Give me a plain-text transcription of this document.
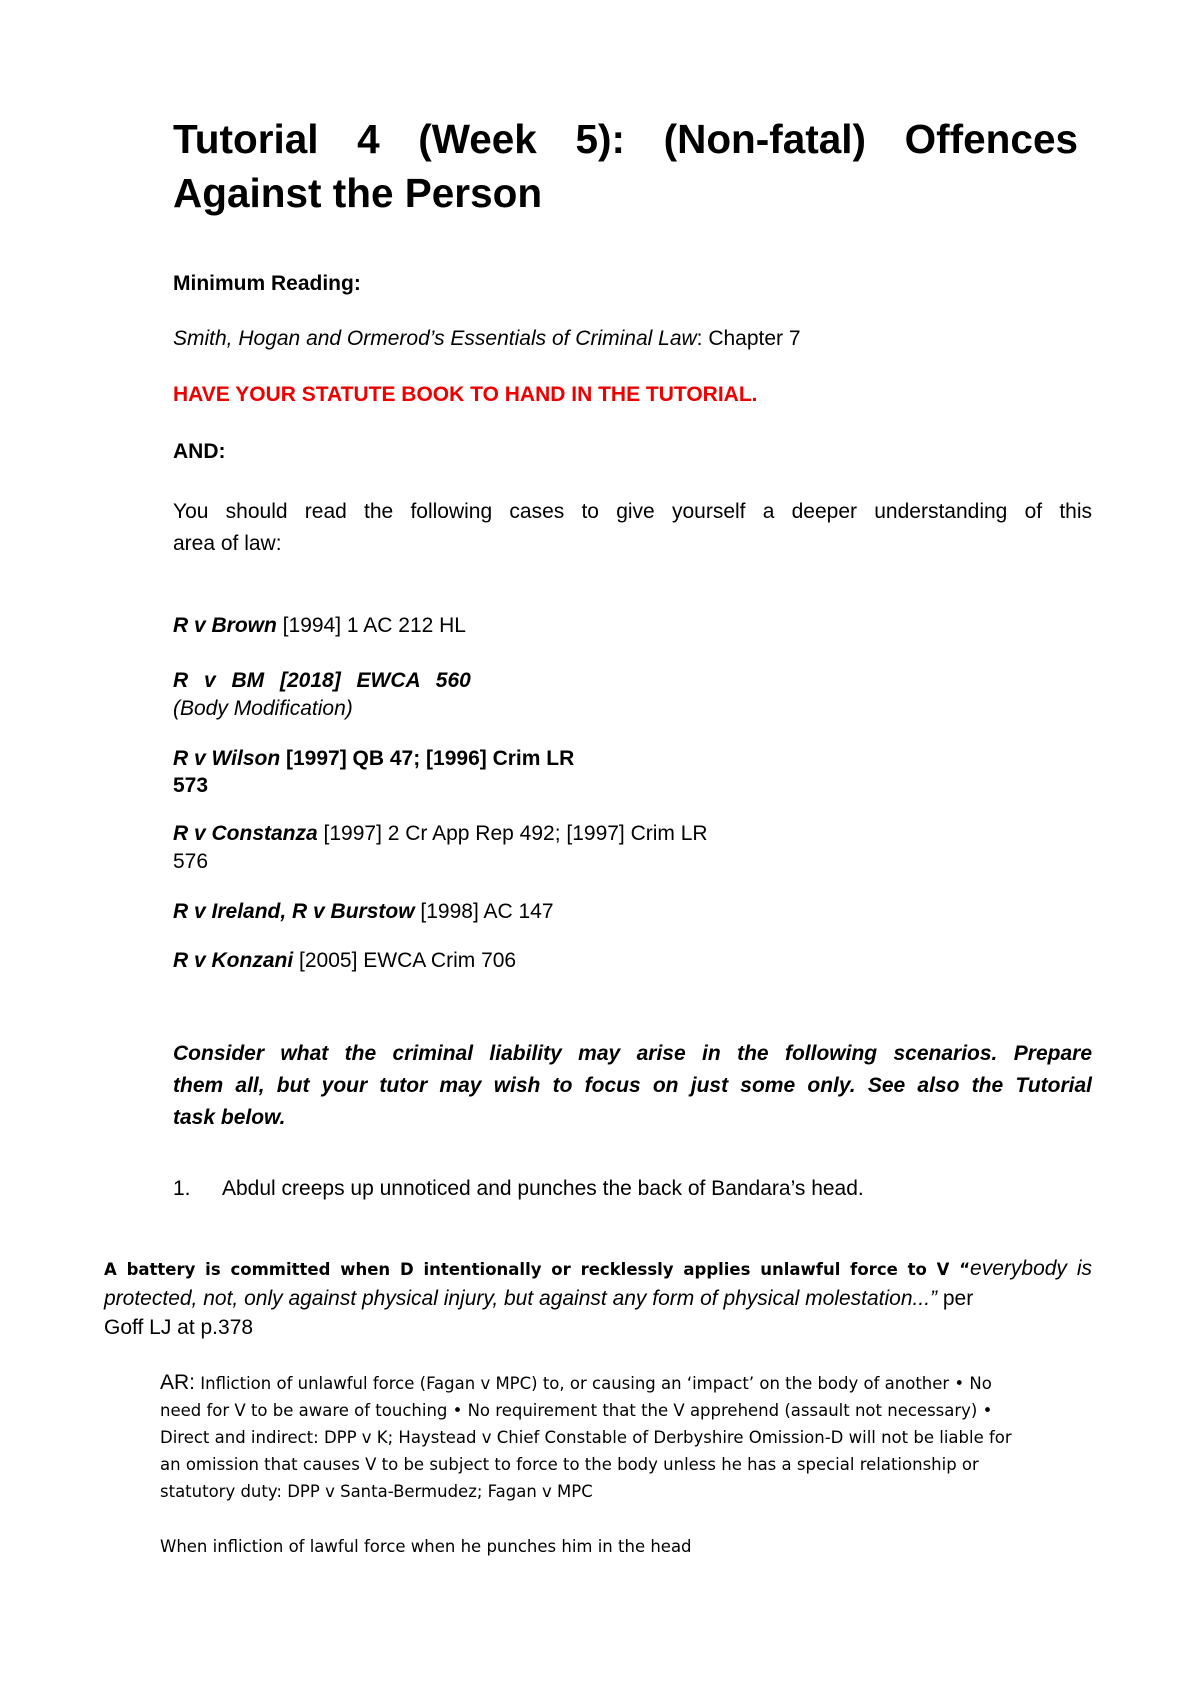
Tutorial 4 (Week 5): (Non-fatal) Offences
Against the Person
Minimum Reading:
Smith, Hogan and Ormerod’s Essentials of Criminal Law: Chapter 7
HAVE YOUR STATUTE BOOK TO HAND IN THE TUTORIAL.
AND:
You should read the following cases to give yourself a deeper understanding of this
area of law:
R v Brown [1994] 1 AC 212 HL
R v BM [2018] EWCA 560
(Body Modification)
R v Wilson [1997] QB 47; [1996] Crim LR
573
R v Constanza [1997] 2 Cr App Rep 492; [1997] Crim LR
576
R v Ireland, R v Burstow [1998] AC 147
R v Konzani [2005] EWCA Crim 706
Consider what the criminal liability may arise in the following scenarios. Prepare
them all, but your tutor may wish to focus on just some only. See also the Tutorial
task below.
1. Abdul creeps up unnoticed and punches the back of Bandara’s head.
A battery is committed when D intentionally or recklessly applies unlawful force to V “everybody is
protected, not, only against physical injury, but against any form of physical molestation...” per
Goff LJ at p.378
AR: Infliction of unlawful force (Fagan v MPC) to, or causing an ‘impact’ on the body of another • No
need for V to be aware of touching • No requirement that the V apprehend (assault not necessary) •
Direct and indirect: DPP v K; Haystead v Chief Constable of Derbyshire Omission-D will not be liable for
an omission that causes V to be subject to force to the body unless he has a special relationship or
statutory duty: DPP v Santa-Bermudez; Fagan v MPC
When infliction of lawful force when he punches him in the head
